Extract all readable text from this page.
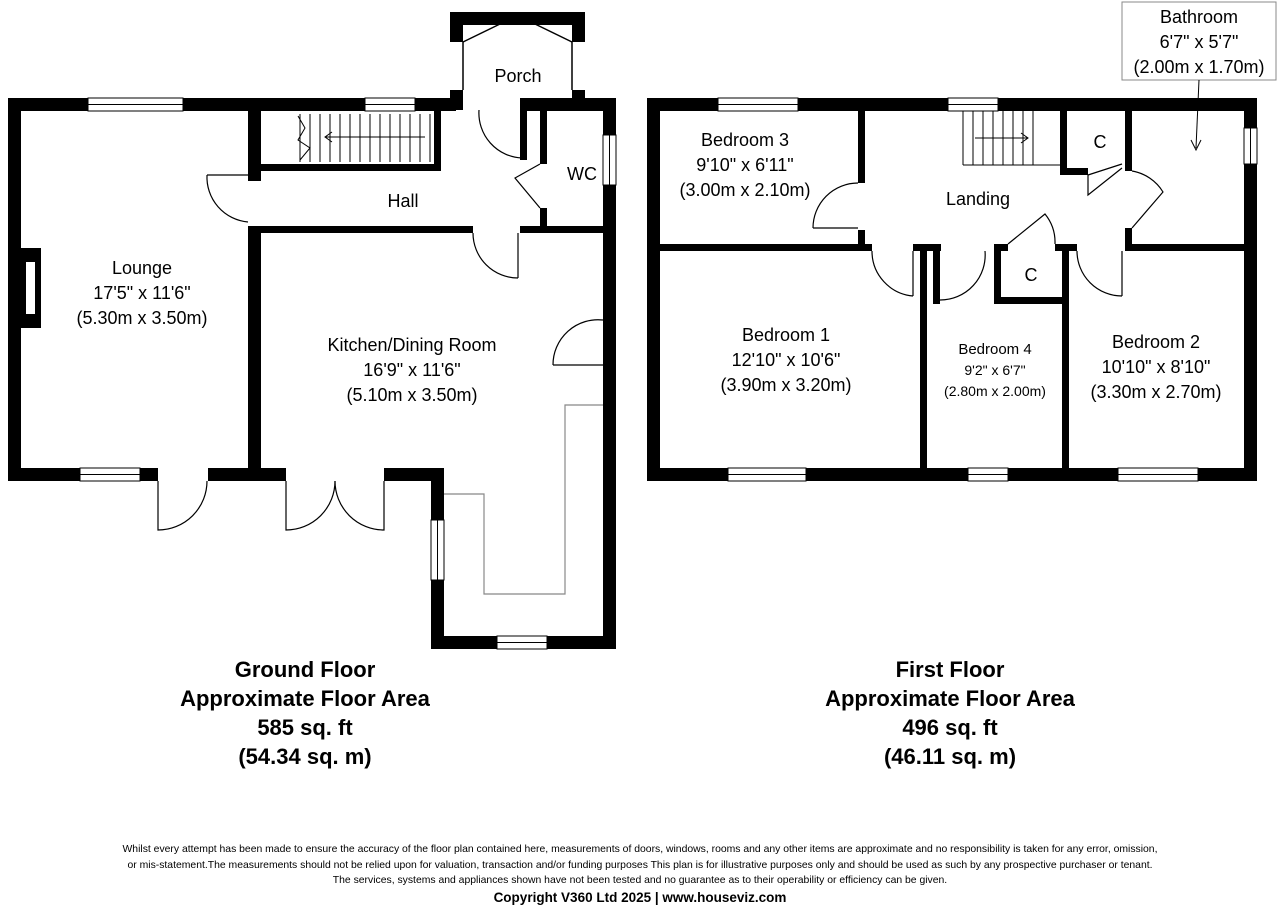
Lounge
17'5" x 11'6"
(5.30m x 3.50m)
Kitchen/Dining Room
16'9" x 11'6"
(5.10m x 3.50m)
Hall
Porch
WC
Bedroom 3
9'10" x 6'11"
(3.00m x 2.10m)	Landing
C
C
Bathroom
6'7" x 5'7"
(2.00m x 1.70m)
Bedroom 1
12'10" x 10'6"
(3.90m x 3.20m)
Bedroom 4
9'2" x 6'7"
(2.80m x 2.00m)
Bedroom 2
10'10" x 8'10"
(3.30m x 2.70m)
Ground Floor
Approximate Floor Area
585 sq. ft
(54.34 sq. m)
First Floor
Approximate Floor Area
496 sq. ft
(46.11 sq. m)
Whilst every attempt has been made to ensure the accuracy of the floor plan contained here, measurements of doors, windows, rooms and any other items are approximate and no responsibility is taken for any error, omission,
or mis-statement.The measurements should not be relied upon for valuation, transaction and/or funding purposes This plan is for illustrative purposes only and should be used as such by any prospective purchaser or tenant.
The services, systems and appliances shown have not been tested and no guarantee as to their operability or efficiency can be given.
Copyright V360 Ltd 2025 | www.houseviz.com
